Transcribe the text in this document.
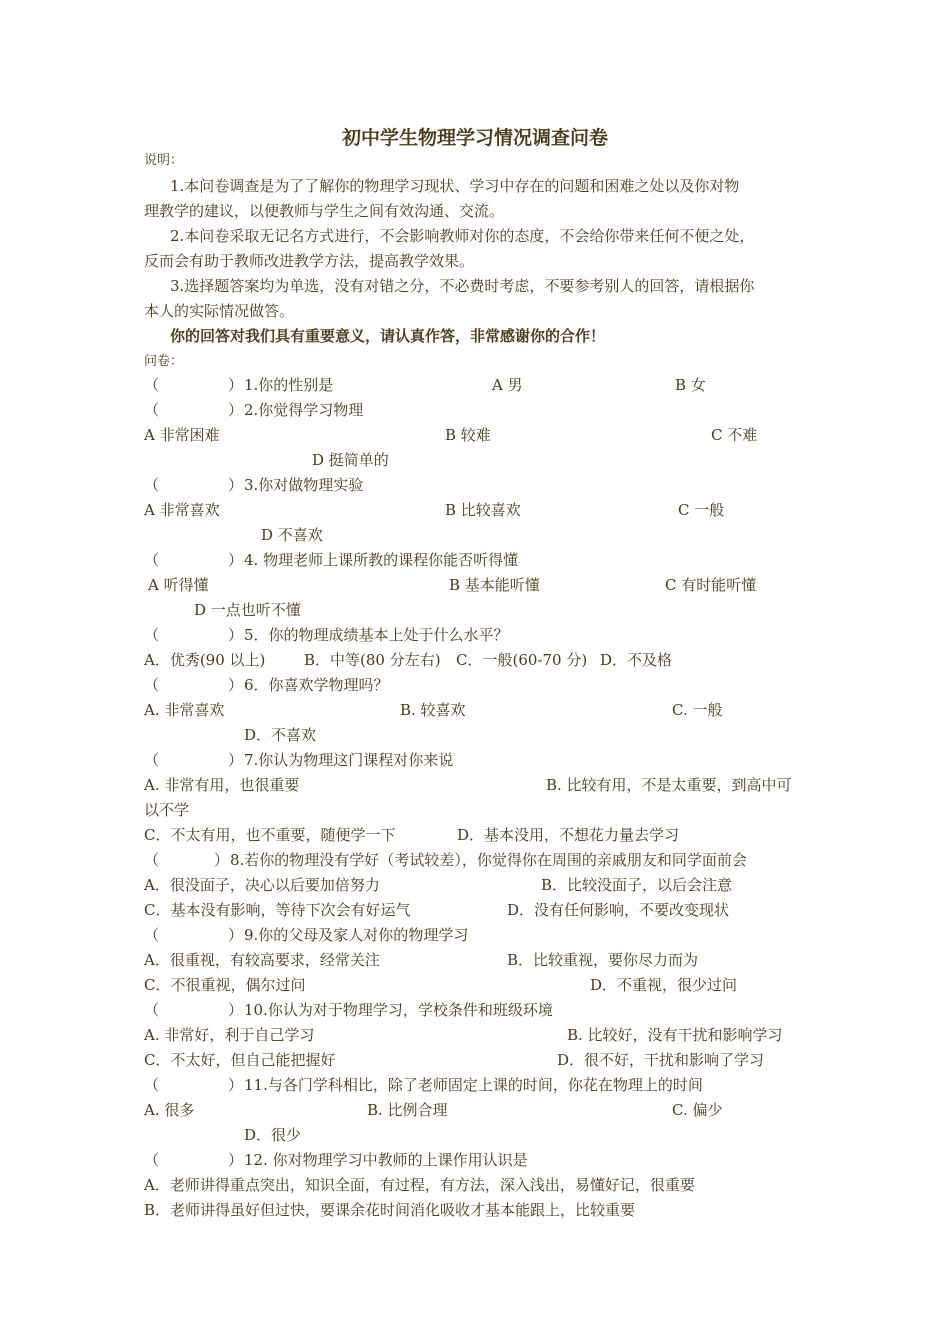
初中学生物理学习情况调查问卷
说明：
1.本问卷调查是为了了解你的物理学习现状、学习中存在的问题和困难之处以及你对物
理教学的建议，以便教师与学生之间有效沟通、交流。
2.本问卷采取无记名方式进行，不会影响教师对你的态度，不会给你带来任何不便之处，
反而会有助于教师改进教学方法，提高教学效果。
3.选择题答案均为单选，没有对错之分，不必费时考虑，不要参考别人的回答，请根据你
本人的实际情况做答。
你的回答对我们具有重要意义，请认真作答，非常感谢你的合作！
问卷：
（	） 1.你的性别是	A 男	B 女
（	） 2.你觉得学习物理
A 非常困难	B 较难	C 不难
D 挺简单的
（	） 3.你对做物理实验
A 非常喜欢	B 比较喜欢	C 一般
D 不喜欢
（	） 4. 物理老师上课所教的课程你能否听得懂
A 听得懂	B 基本能听懂	C 有时能听懂
D 一点也听不懂
（	） 5．你的物理成绩基本上处于什么水平？
A．优秀(90 以上)	B．中等(80 分左右) C．一般(60-70 分) D．不及格
（	） 6．你喜欢学物理吗？
A. 非常喜欢	B. 较喜欢	C. 一般
D．不喜欢
（	） 7.你认为物理这门课程对你来说
A. 非常有用，也很重要	B. 比较有用，不是太重要，到高中可
以不学
C．不太有用，也不重要，随便学一下	D．基本没用，不想花力量去学习
（	） 8.若你的物理没有学好（考试较差），你觉得你在周围的亲戚朋友和同学面前会
A．很没面子，决心以后要加倍努力	B．比较没面子，以后会注意
C．基本没有影响，等待下次会有好运气	D．没有任何影响，不要改变现状
（	） 9.你的父母及家人对你的物理学习
A．很重视，有较高要求，经常关注	B．比较重视，要你尽力而为
C．不很重视，偶尔过问	D．不重视，很少过问
（	） 10.你认为对于物理学习，学校条件和班级环境
A. 非常好，利于自己学习	B. 比较好，没有干扰和影响学习
C．不太好，但自己能把握好	D．很不好，干扰和影响了学习
（	） 11.与各门学科相比，除了老师固定上课的时间，你花在物理上的时间
A. 很多	B. 比例合理	C. 偏少
D．很少
（	） 12. 你对物理学习中教师的上课作用认识是
A．老师讲得重点突出，知识全面，有过程，有方法，深入浅出，易懂好记，很重要
B．老师讲得虽好但过快，要课余花时间消化吸收才基本能跟上，比较重要
